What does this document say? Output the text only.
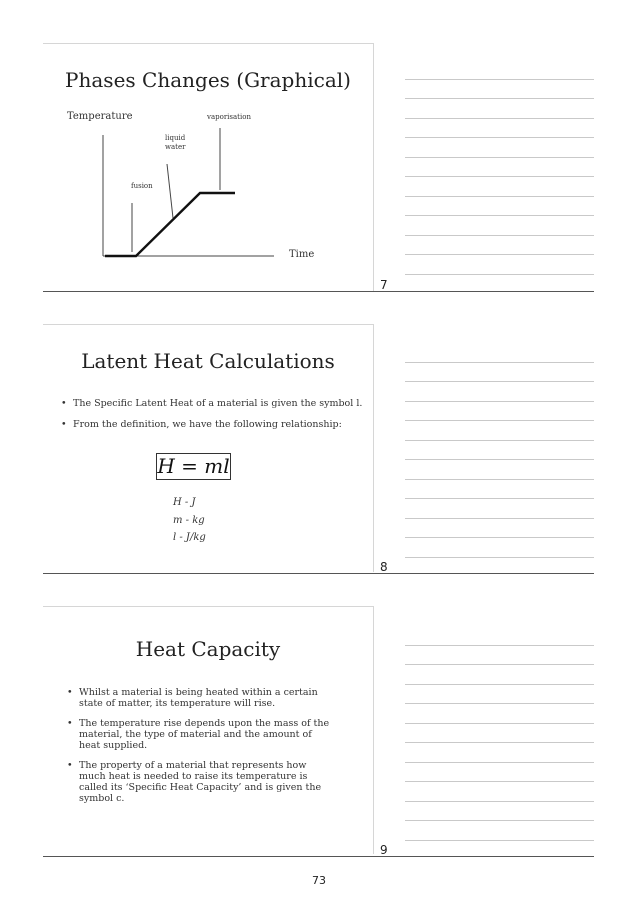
Phases Changes (Graphical)
Temperature
Time
fusion
liquid
water
vaporisation
7
Latent Heat Calculations
• The Specific Latent Heat of a material is given the symbol l.
• From the definition, we have the following relationship:
H = ml
H - J
m - kg
l - J/kg
8
Heat Capacity
• Whilst a material is being heated within a certain state of matter, its temperature will rise.
• The temperature rise depends upon the mass of the material, the type of material and the amount of heat supplied.
• The property of a material that represents how much heat is needed to raise its temperature is called its ‘Specific Heat Capacity’ and is given the symbol c.
9
73
